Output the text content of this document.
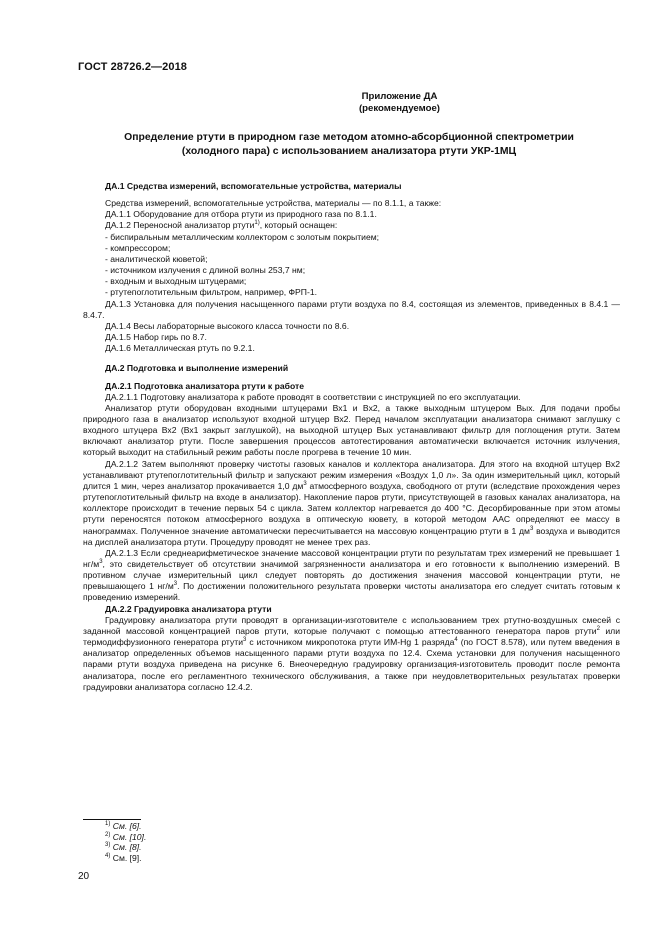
ГОСТ 28726.2—2018
Приложение ДА
(рекомендуемое)
Определение ртути в природном газе методом атомно-абсорбционной спектрометрии
(холодного пара) с использованием анализатора ртути УКР-1МЦ

ДА.1 Средства измерений, вспомогательные устройства, материалы

Средства измерений, вспомогательные устройства, материалы — по 8.1.1, а также:

ДА.1.1 Оборудование для отбора ртути из природного газа по 8.1.1.

ДА.1.2 Переносной анализатор ртути$^{1)}$, который оснащен:

- биспиральным металлическим коллектором с золотым покрытием;

- компрессором;

- аналитической кюветой;

- источником излучения с длиной волны 253,7 нм;

- входным и выходным штуцерами;

- ртутепоглотительным фильтром, например, ФРП-1.

ДА.1.3 Установка для получения насыщенного парами ртути воздуха по 8.4, состоящая из элементов, приведенных в 8.4.1 — 8.4.7.

ДА.1.4 Весы лабораторные высокого класса точности по 8.6.

ДА.1.5 Набор гирь по 8.7.

ДА.1.6 Металлическая ртуть по 9.2.1.

ДА.2 Подготовка и выполнение измерений

ДА.2.1 Подготовка анализатора ртути к работе

ДА.2.1.1 Подготовку анализатора к работе проводят в соответствии с инструкцией по его эксплуатации.

Анализатор ртути оборудован входными штуцерами Вх1 и Вх2, а также выходным штуцером Вых. Для подачи пробы природного газа в анализатор используют входной штуцер Вх2. Перед началом эксплуатации анализатора снимают заглушку с входного штуцера Вх2 (Вх1 закрыт заглушкой), на выходной штуцер Вых устанавливают фильтр для поглощения ртути. Затем включают анализатор ртути. После завершения процессов автотестирования автоматически включается источник излучения, который выходит на стабильный режим работы после прогрева в течение 10 мин.

ДА.2.1.2 Затем выполняют проверку чистоты газовых каналов и коллектора анализатора. Для этого на входной штуцер Вх2 устанавливают ртутепоглотительный фильтр и запускают режим измерения «Воздух 1,0 л». За один измерительный цикл, который длится 1 мин, через анализатор прокачивается 1,0 $дм^3$ атмосферного воздуха, свободного от ртути (вследствие прохождения через ртутепоглотительный фильтр на входе в анализатор). Накопление паров ртути, присутствующей в газовых каналах анализатора, на коллекторе происходит в течение первых 54 с цикла. Затем коллектор нагревается до 400 °С. Десорбированные при этом атомы ртути переносятся потоком атмосферного воздуха в оптическую кювету, в которой методом ААС определяют ее массу в нанограммах. Полученное значение автоматически пересчитывается на массовую концентрацию ртути в 1 $дм^3$ воздуха и выводится на дисплей анализатора ртути. Процедуру проводят не менее трех раз.

ДА.2.1.3 Если среднеарифметическое значение массовой концентрации ртути по результатам трех измерений не превышает 1 $нг/м^3$, это свидетельствует об отсутствии значимой загрязненности анализатора и его готовности к выполнению измерений. В противном случае измерительный цикл следует повторять до достижения значения массовой концентрации ртути, не превышающего 1 $нг/м^3$. По достижении положительного результата проверки чистоты анализатора его следует считать готовым к проведению измерений.

ДА.2.2 Градуировка анализатора ртути

Градуировку анализатора ртути проводят в организации-изготовителе с использованием трех ртутно-воздушных смесей с заданной массовой концентрацией паров ртути, которые получают с помощью аттестованного генератора паров ртути$^2$ или термодиффузионного генератора ртути$^3$ с источником микропотока ртути ИМ-Hg 1 разряда$^4$ (по ГОСТ 8.578), или путем введения в анализатор определенных объемов насыщенного парами ртути воздуха по 12.4. Схема установки для получения насыщенного парами ртути воздуха приведена на рисунке 6. Внеочередную градуировку организация-изготовитель проводит после ремонта анализатора, после его регламентного технического обслуживания, а также при неудовлетворительных результатах проверки градуировки анализатора согласно 12.4.2.

$^{1)}$ См. [6].
$^{2)}$ См. [10].
$^{3)}$ См. [8].
$^{4)}$ См. [9].
20
